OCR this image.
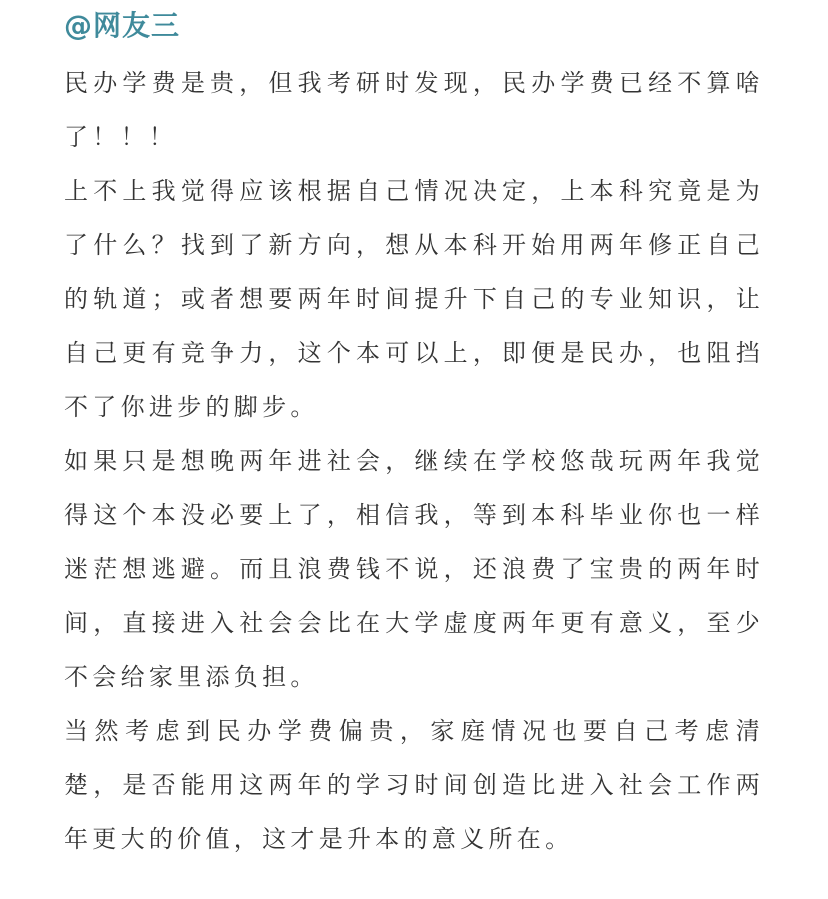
@网友三

民办学费是贵，但我考研时发现，民办学费已经不算啥了！！！

上不上我觉得应该根据自己情况决定，上本科究竟是为了什么？找到了新方向，想从本科开始用两年修正自己的轨道；或者想要两年时间提升下自己的专业知识，让自己更有竞争力，这个本可以上，即便是民办，也阻挡不了你进步的脚步。

如果只是想晚两年进社会，继续在学校悠哉玩两年我觉得这个本没必要上了，相信我，等到本科毕业你也一样迷茫想逃避。而且浪费钱不说，还浪费了宝贵的两年时间，直接进入社会会比在大学虚度两年更有意义，至少不会给家里添负担。

当然考虑到民办学费偏贵，家庭情况也要自己考虑清楚，是否能用这两年的学习时间创造比进入社会工作两年更大的价值，这才是升本的意义所在。
